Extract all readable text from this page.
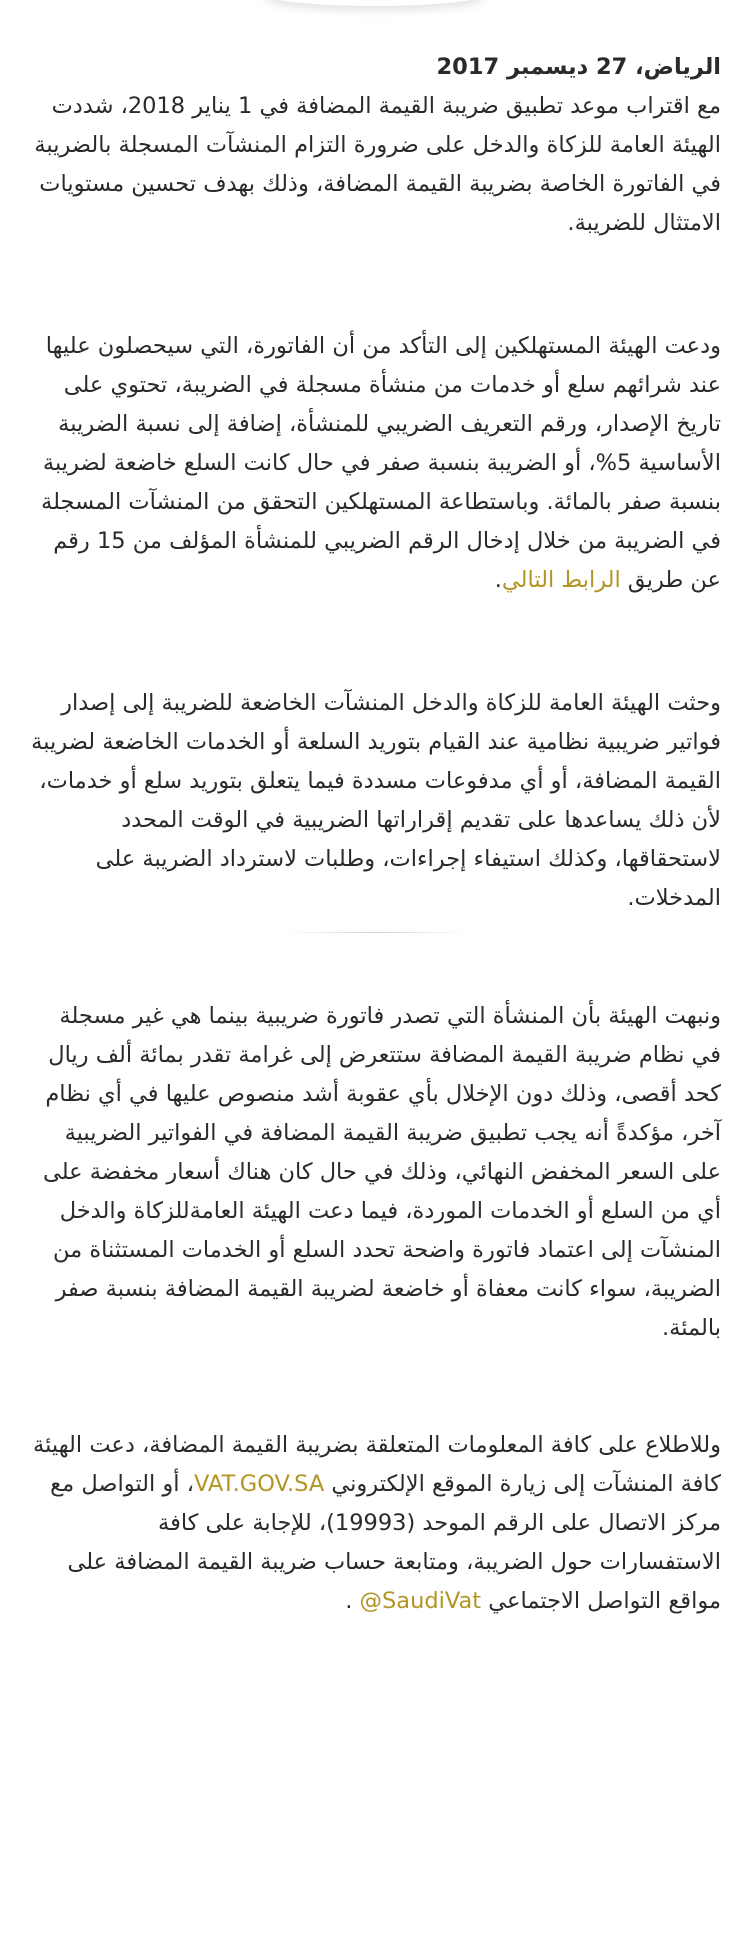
الرياض، 27 ديسمبر 2017

مع اقتراب موعد تطبيق ضريبة القيمة المضافة في 1 يناير 2018، شددت الهيئة العامة للزكاة والدخل على ضرورة التزام المنشآت المسجلة بالضريبة في الفاتورة الخاصة بضريبة القيمة المضافة، وذلك بهدف تحسين مستويات الامتثال للضريبة.

ودعت الهيئة المستهلكين إلى التأكد من أن الفاتورة، التي سيحصلون عليها عند شرائهم سلع أو خدمات من منشأة مسجلة في الضريبة، تحتوي على تاريخ الإصدار، ورقم التعريف الضريبي للمنشأة، إضافة إلى نسبة الضريبة الأساسية 5%، أو الضريبة بنسبة صفر في حال كانت السلع خاضعة لضريبة بنسبة صفر بالمائة. وباستطاعة المستهلكين التحقق من المنشآت المسجلة في الضريبة من خلال إدخال الرقم الضريبي للمنشأة المؤلف من 15 رقم عن طريق الرابط التالي.

وحثت الهيئة العامة للزكاة والدخل المنشآت الخاضعة للضريبة إلى إصدار فواتير ضريبية نظامية عند القيام بتوريد السلعة أو الخدمات الخاضعة لضريبة القيمة المضافة، أو أي مدفوعات مسددة فيما يتعلق بتوريد سلع أو خدمات، لأن ذلك يساعدها على تقديم إقراراتها الضريبية في الوقت المحدد لاستحقاقها، وكذلك استيفاء إجراءات، وطلبات لاسترداد الضريبة على المدخلات.

ونبهت الهيئة بأن المنشأة التي تصدر فاتورة ضريبية بينما هي غير مسجلة في نظام ضريبة القيمة المضافة ستتعرض إلى غرامة تقدر بمائة ألف ريال كحد أقصى، وذلك دون الإخلال بأي عقوبة أشد منصوص عليها في أي نظام آخر، مؤكدةً أنه يجب تطبيق ضريبة القيمة المضافة في الفواتير الضريبية على السعر المخفض النهائي، وذلك في حال كان هناك أسعار مخفضة على أي من السلع أو الخدمات الموردة، فيما دعت الهيئة العامةللزكاة والدخل المنشآت إلى اعتماد فاتورة واضحة تحدد السلع أو الخدمات المستثناة من الضريبة، سواء كانت معفاة أو خاضعة لضريبة القيمة المضافة بنسبة صفر بالمئة.

وللاطلاع على كافة المعلومات المتعلقة بضريبة القيمة المضافة، دعت الهيئة كافة المنشآت إلى زيارة الموقع الإلكتروني VAT.GOV.SA، أو التواصل مع مركز الاتصال على الرقم الموحد (19993)، للإجابة على كافة الاستفسارات حول الضريبة، ومتابعة حساب ضريبة القيمة المضافة على مواقع التواصل الاجتماعي SaudiVat@ .
